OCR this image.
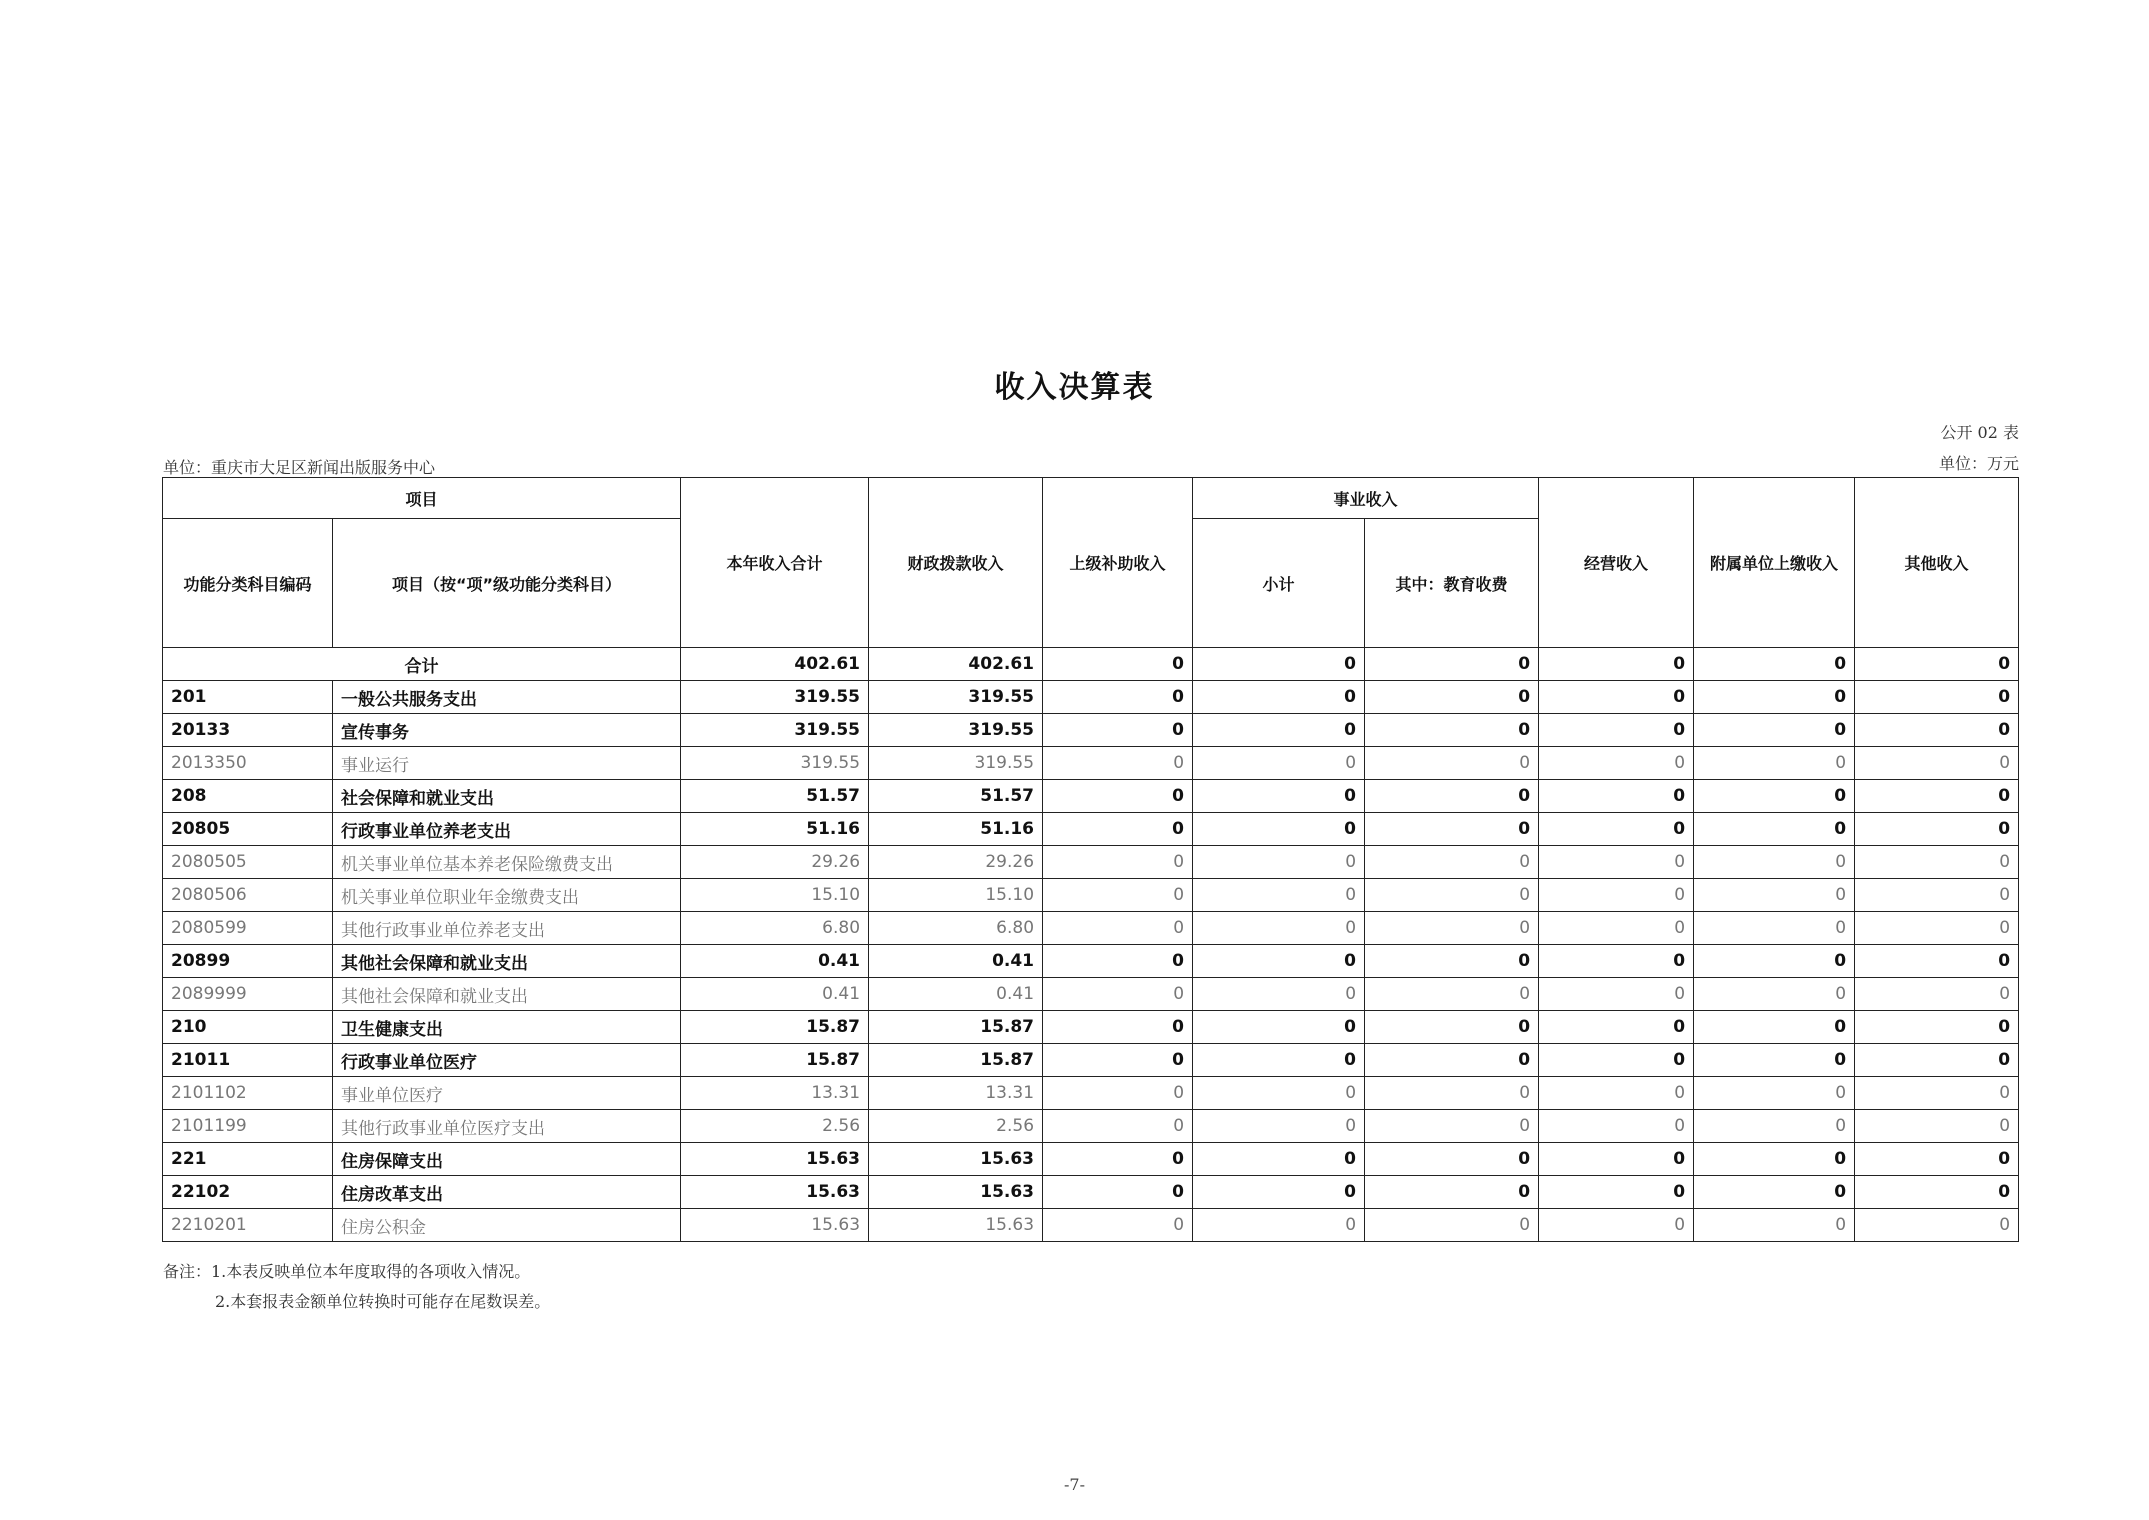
收入决算表
公开 02 表
单位：重庆市大足区新闻出版服务中心	单位：万元
项目		本年收入合计	财政拨款收入	上级补助收入	事业收入		经营收入	附属单位上缴收入	其他收入
功能分类科目编码	项目（按“项”级功能分类科目）				小计	其中：教育收费			
合计		402.61	402.61	0	0	0	0	0	0
201	一般公共服务支出	319.55	319.55	0	0	0	0	0	0
20133	宣传事务	319.55	319.55	0	0	0	0	0	0
2013350	事业运行	319.55	319.55	0	0	0	0	0	0
208	社会保障和就业支出	51.57	51.57	0	0	0	0	0	0
20805	行政事业单位养老支出	51.16	51.16	0	0	0	0	0	0
2080505	机关事业单位基本养老保险缴费支出	29.26	29.26	0	0	0	0	0	0
2080506	机关事业单位职业年金缴费支出	15.10	15.10	0	0	0	0	0	0
2080599	其他行政事业单位养老支出	6.80	6.80	0	0	0	0	0	0
20899	其他社会保障和就业支出	0.41	0.41	0	0	0	0	0	0
2089999	其他社会保障和就业支出	0.41	0.41	0	0	0	0	0	0
210	卫生健康支出	15.87	15.87	0	0	0	0	0	0
21011	行政事业单位医疗	15.87	15.87	0	0	0	0	0	0
2101102	事业单位医疗	13.31	13.31	0	0	0	0	0	0
2101199	其他行政事业单位医疗支出	2.56	2.56	0	0	0	0	0	0
221	住房保障支出	15.63	15.63	0	0	0	0	0	0
22102	住房改革支出	15.63	15.63	0	0	0	0	0	0
2210201	住房公积金	15.63	15.63	0	0	0	0	0	0
备注：1.本表反映单位本年度取得的各项收入情况。
2.本套报表金额单位转换时可能存在尾数误差。
-7-
